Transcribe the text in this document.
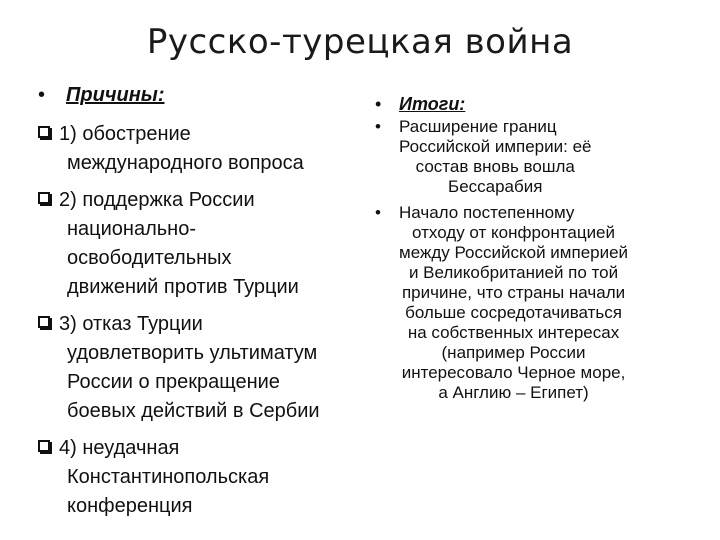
Русско-турецкая война
•	Причины:
1) обострение
международного вопроса
2) поддержка России
национально-
освободительных
движений против Турции
3) отказ Турции
удовлетворить ультиматум
России о прекращение
боевых действий в Сербии
4) неудачная
Константинопольская
конференция
• Итоги:
•	Расширение границ
Российской империи: её
состав вновь вошла
Бессарабия
•	Начало постепенному
отходу от конфронтацией
между Российской империей
и Великобританией по той
причине, что страны начали
больше сосредотачиваться
на собственных интересах
(например России
интересовало Черное море,
а Англию – Египет)
